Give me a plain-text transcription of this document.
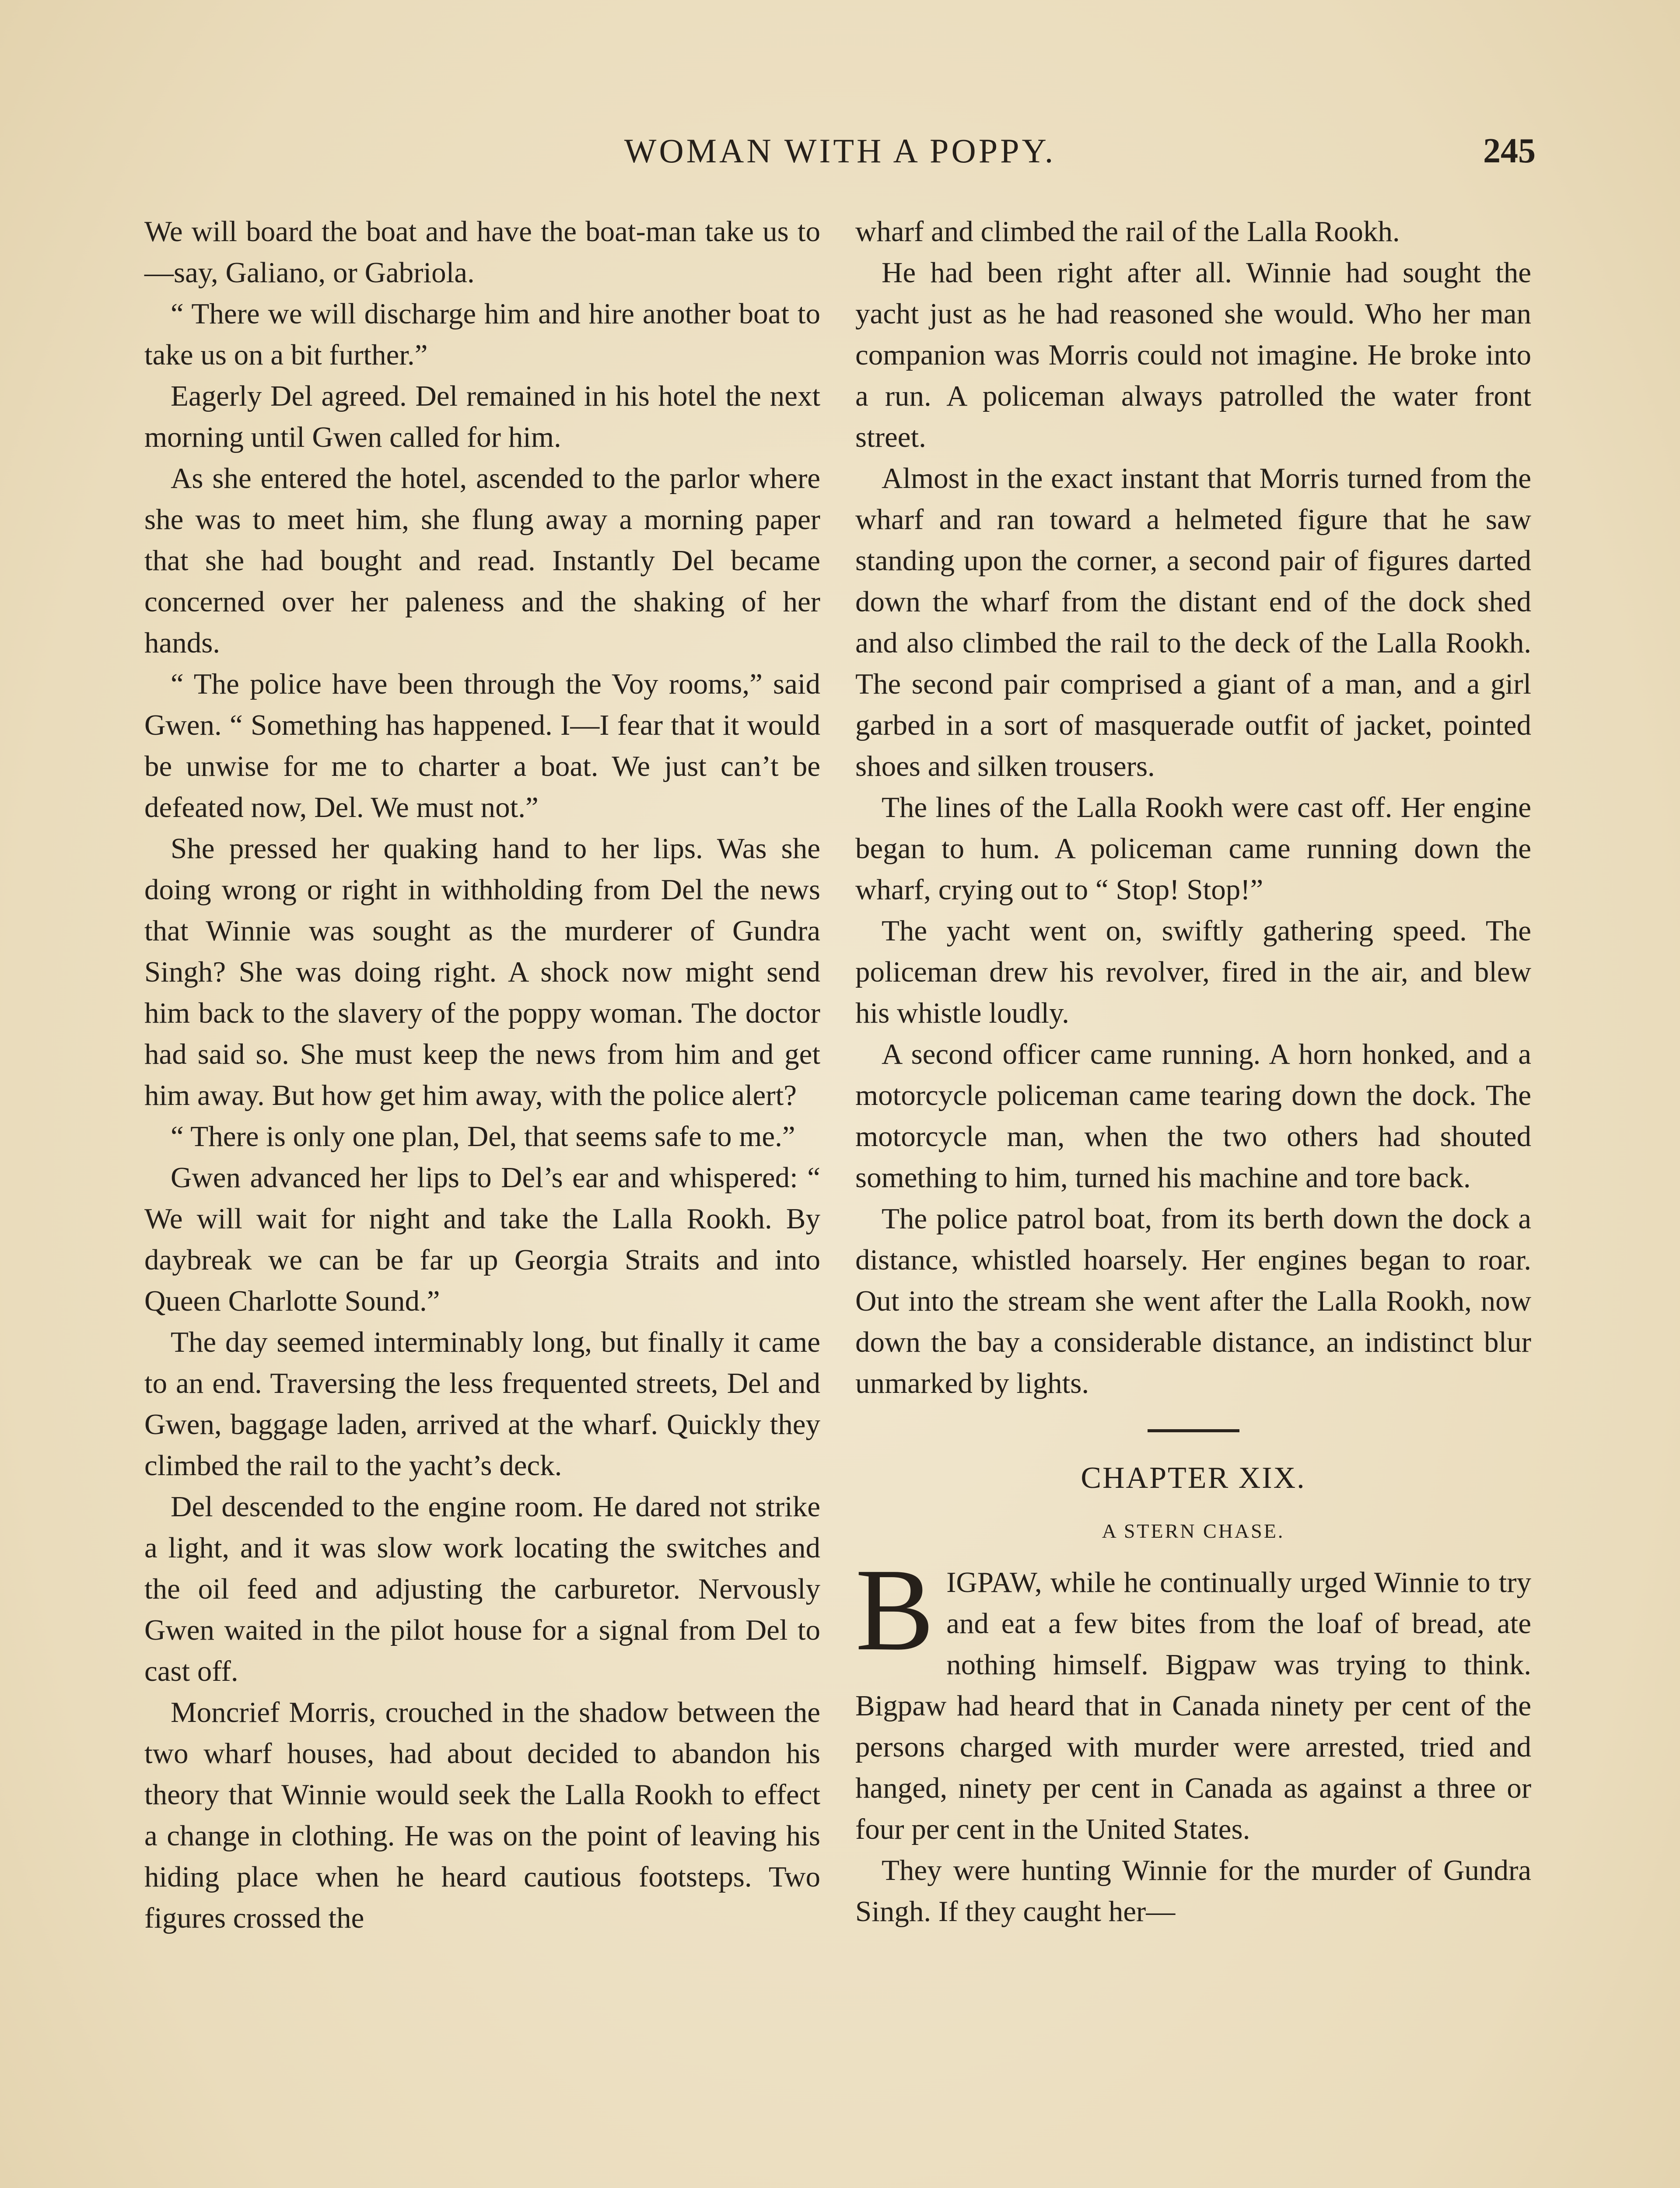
WOMAN WITH A POPPY.	245

We will board the boat and have the boat-man take us to—say, Galiano, or Gabriola.

“ There we will discharge him and hire another boat to take us on a bit further.”

Eagerly Del agreed. Del remained in his hotel the next morning until Gwen called for him.

As she entered the hotel, ascended to the parlor where she was to meet him, she flung away a morning paper that she had bought and read. Instantly Del became concerned over her paleness and the shaking of her hands.

“ The police have been through the Voy rooms,” said Gwen. “ Something has happened. I—I fear that it would be unwise for me to charter a boat. We just can’t be defeated now, Del. We must not.”

She pressed her quaking hand to her lips. Was she doing wrong or right in withholding from Del the news that Winnie was sought as the murderer of Gundra Singh? She was doing right. A shock now might send him back to the slavery of the poppy woman. The doctor had said so. She must keep the news from him and get him away. But how get him away, with the police alert?

“ There is only one plan, Del, that seems safe to me.”

Gwen advanced her lips to Del’s ear and whispered: “ We will wait for night and take the Lalla Rookh. By daybreak we can be far up Georgia Straits and into Queen Charlotte Sound.”

The day seemed interminably long, but finally it came to an end. Traversing the less frequented streets, Del and Gwen, baggage laden, arrived at the wharf. Quickly they climbed the rail to the yacht’s deck.

Del descended to the engine room. He dared not strike a light, and it was slow work locating the switches and the oil feed and adjusting the carburetor. Nervously Gwen waited in the pilot house for a signal from Del to cast off.

Moncrief Morris, crouched in the shadow between the two wharf houses, had about decided to abandon his theory that Winnie would seek the Lalla Rookh to effect a change in clothing. He was on the point of leaving his hiding place when he heard cautious footsteps. Two figures crossed the

wharf and climbed the rail of the Lalla Rookh.

He had been right after all. Winnie had sought the yacht just as he had reasoned she would. Who her man companion was Morris could not imagine. He broke into a run. A policeman always patrolled the water front street.

Almost in the exact instant that Morris turned from the wharf and ran toward a helmeted figure that he saw standing upon the corner, a second pair of figures darted down the wharf from the distant end of the dock shed and also climbed the rail to the deck of the Lalla Rookh. The second pair comprised a giant of a man, and a girl garbed in a sort of masquerade outfit of jacket, pointed shoes and silken trousers.

The lines of the Lalla Rookh were cast off. Her engine began to hum. A policeman came running down the wharf, crying out to “ Stop! Stop!”

The yacht went on, swiftly gathering speed. The policeman drew his revolver, fired in the air, and blew his whistle loudly.

A second officer came running. A horn honked, and a motorcycle policeman came tearing down the dock. The motorcycle man, when the two others had shouted something to him, turned his machine and tore back.

The police patrol boat, from its berth down the dock a distance, whistled hoarsely. Her engines began to roar. Out into the stream she went after the Lalla Rookh, now down the bay a considerable distance, an indistinct blur unmarked by lights.

CHAPTER XIX.
A STERN CHASE.

BIGPAW, while he continually urged Winnie to try and eat a few bites from the loaf of bread, ate nothing himself. Bigpaw was trying to think. Bigpaw had heard that in Canada ninety per cent of the persons charged with murder were arrested, tried and hanged, ninety per cent in Canada as against a three or four per cent in the United States.

They were hunting Winnie for the murder of Gundra Singh. If they caught her—
